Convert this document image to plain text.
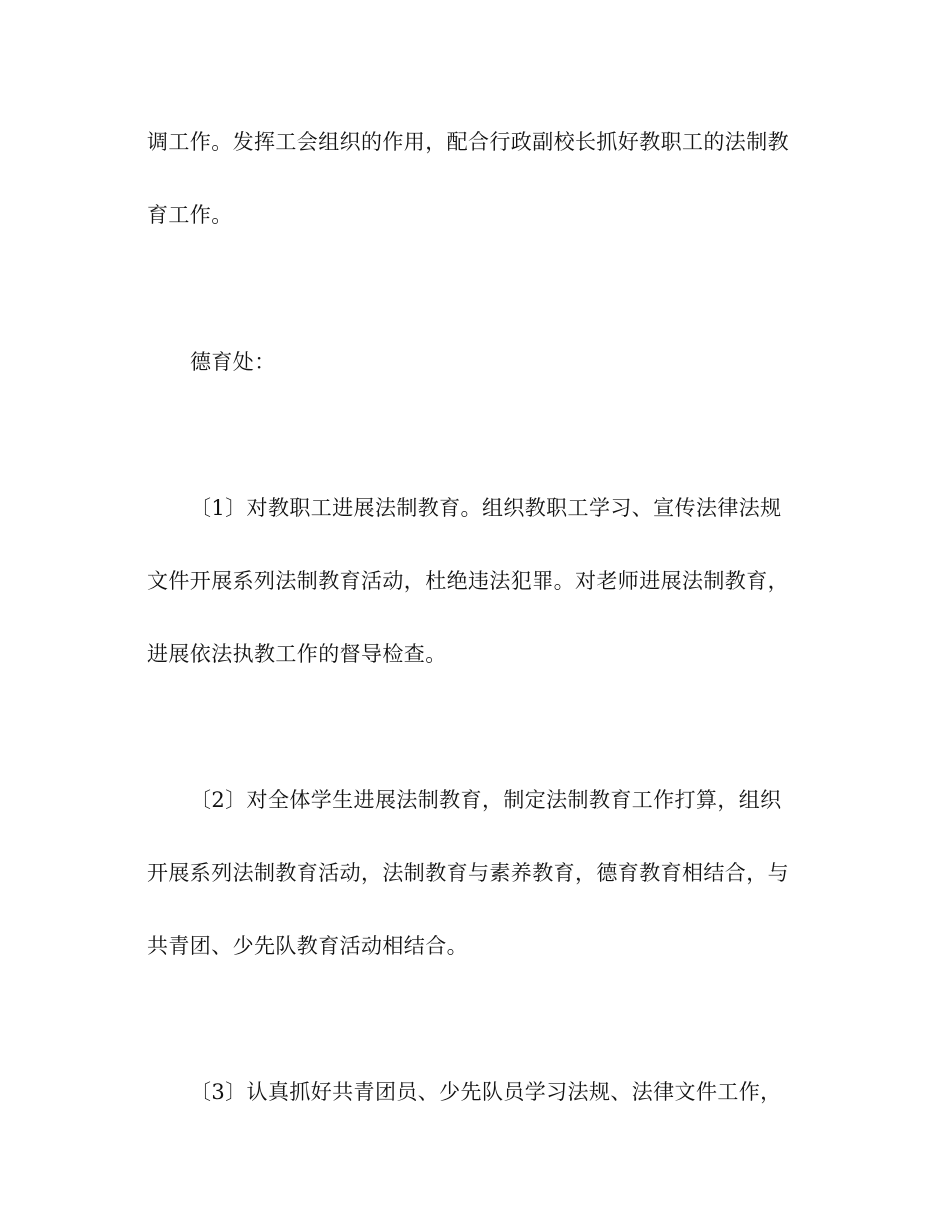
调工作。发挥工会组织的作用，配合行政副校长抓好教职工的法制教
育工作。
德育处：
〔1〕对教职工进展法制教育。组织教职工学习、宣传法律法规
文件开展系列法制教育活动，杜绝违法犯罪。对老师进展法制教育，
进展依法执教工作的督导检查。
〔2〕对全体学生进展法制教育，制定法制教育工作打算，组织
开展系列法制教育活动，法制教育与素养教育，德育教育相结合，与
共青团、少先队教育活动相结合。
〔3〕认真抓好共青团员、少先队员学习法规、法律文件工作，
